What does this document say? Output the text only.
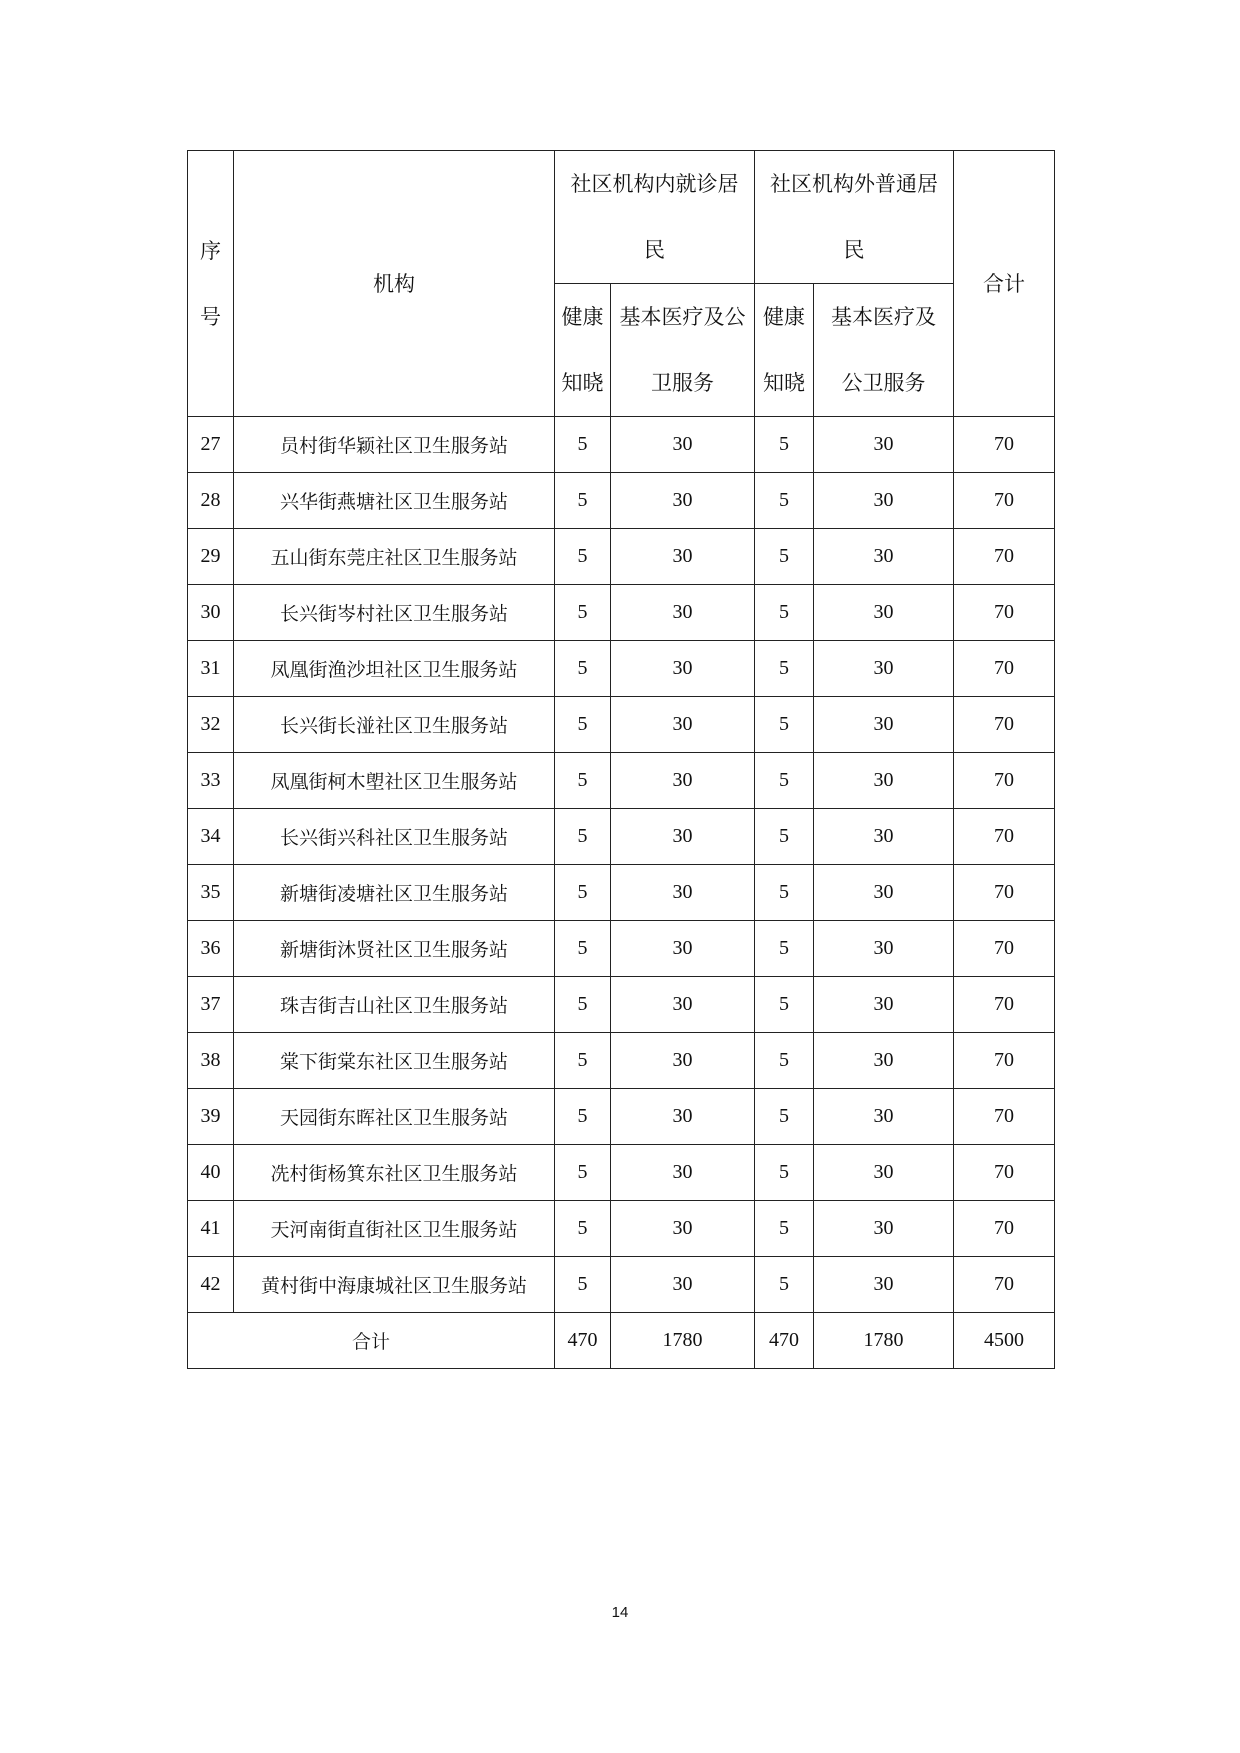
序号	机构	社区机构内就诊居民		社区机构外普通居民		合计
		健康知晓	基本医疗及公卫服务	健康知晓	基本医疗及公卫服务	
27	员村街华颖社区卫生服务站	5	30	5	30	70
28	兴华街燕塘社区卫生服务站	5	30	5	30	70
29	五山街东莞庄社区卫生服务站	5	30	5	30	70
30	长兴街岑村社区卫生服务站	5	30	5	30	70
31	凤凰街渔沙坦社区卫生服务站	5	30	5	30	70
32	长兴街长湴社区卫生服务站	5	30	5	30	70
33	凤凰街柯木塱社区卫生服务站	5	30	5	30	70
34	长兴街兴科社区卫生服务站	5	30	5	30	70
35	新塘街凌塘社区卫生服务站	5	30	5	30	70
36	新塘街沐贤社区卫生服务站	5	30	5	30	70
37	珠吉街吉山社区卫生服务站	5	30	5	30	70
38	棠下街棠东社区卫生服务站	5	30	5	30	70
39	天园街东晖社区卫生服务站	5	30	5	30	70
40	冼村街杨箕东社区卫生服务站	5	30	5	30	70
41	天河南街直街社区卫生服务站	5	30	5	30	70
42	黄村街中海康城社区卫生服务站	5	30	5	30	70
合计		470	1780	470	1780	4500
14
